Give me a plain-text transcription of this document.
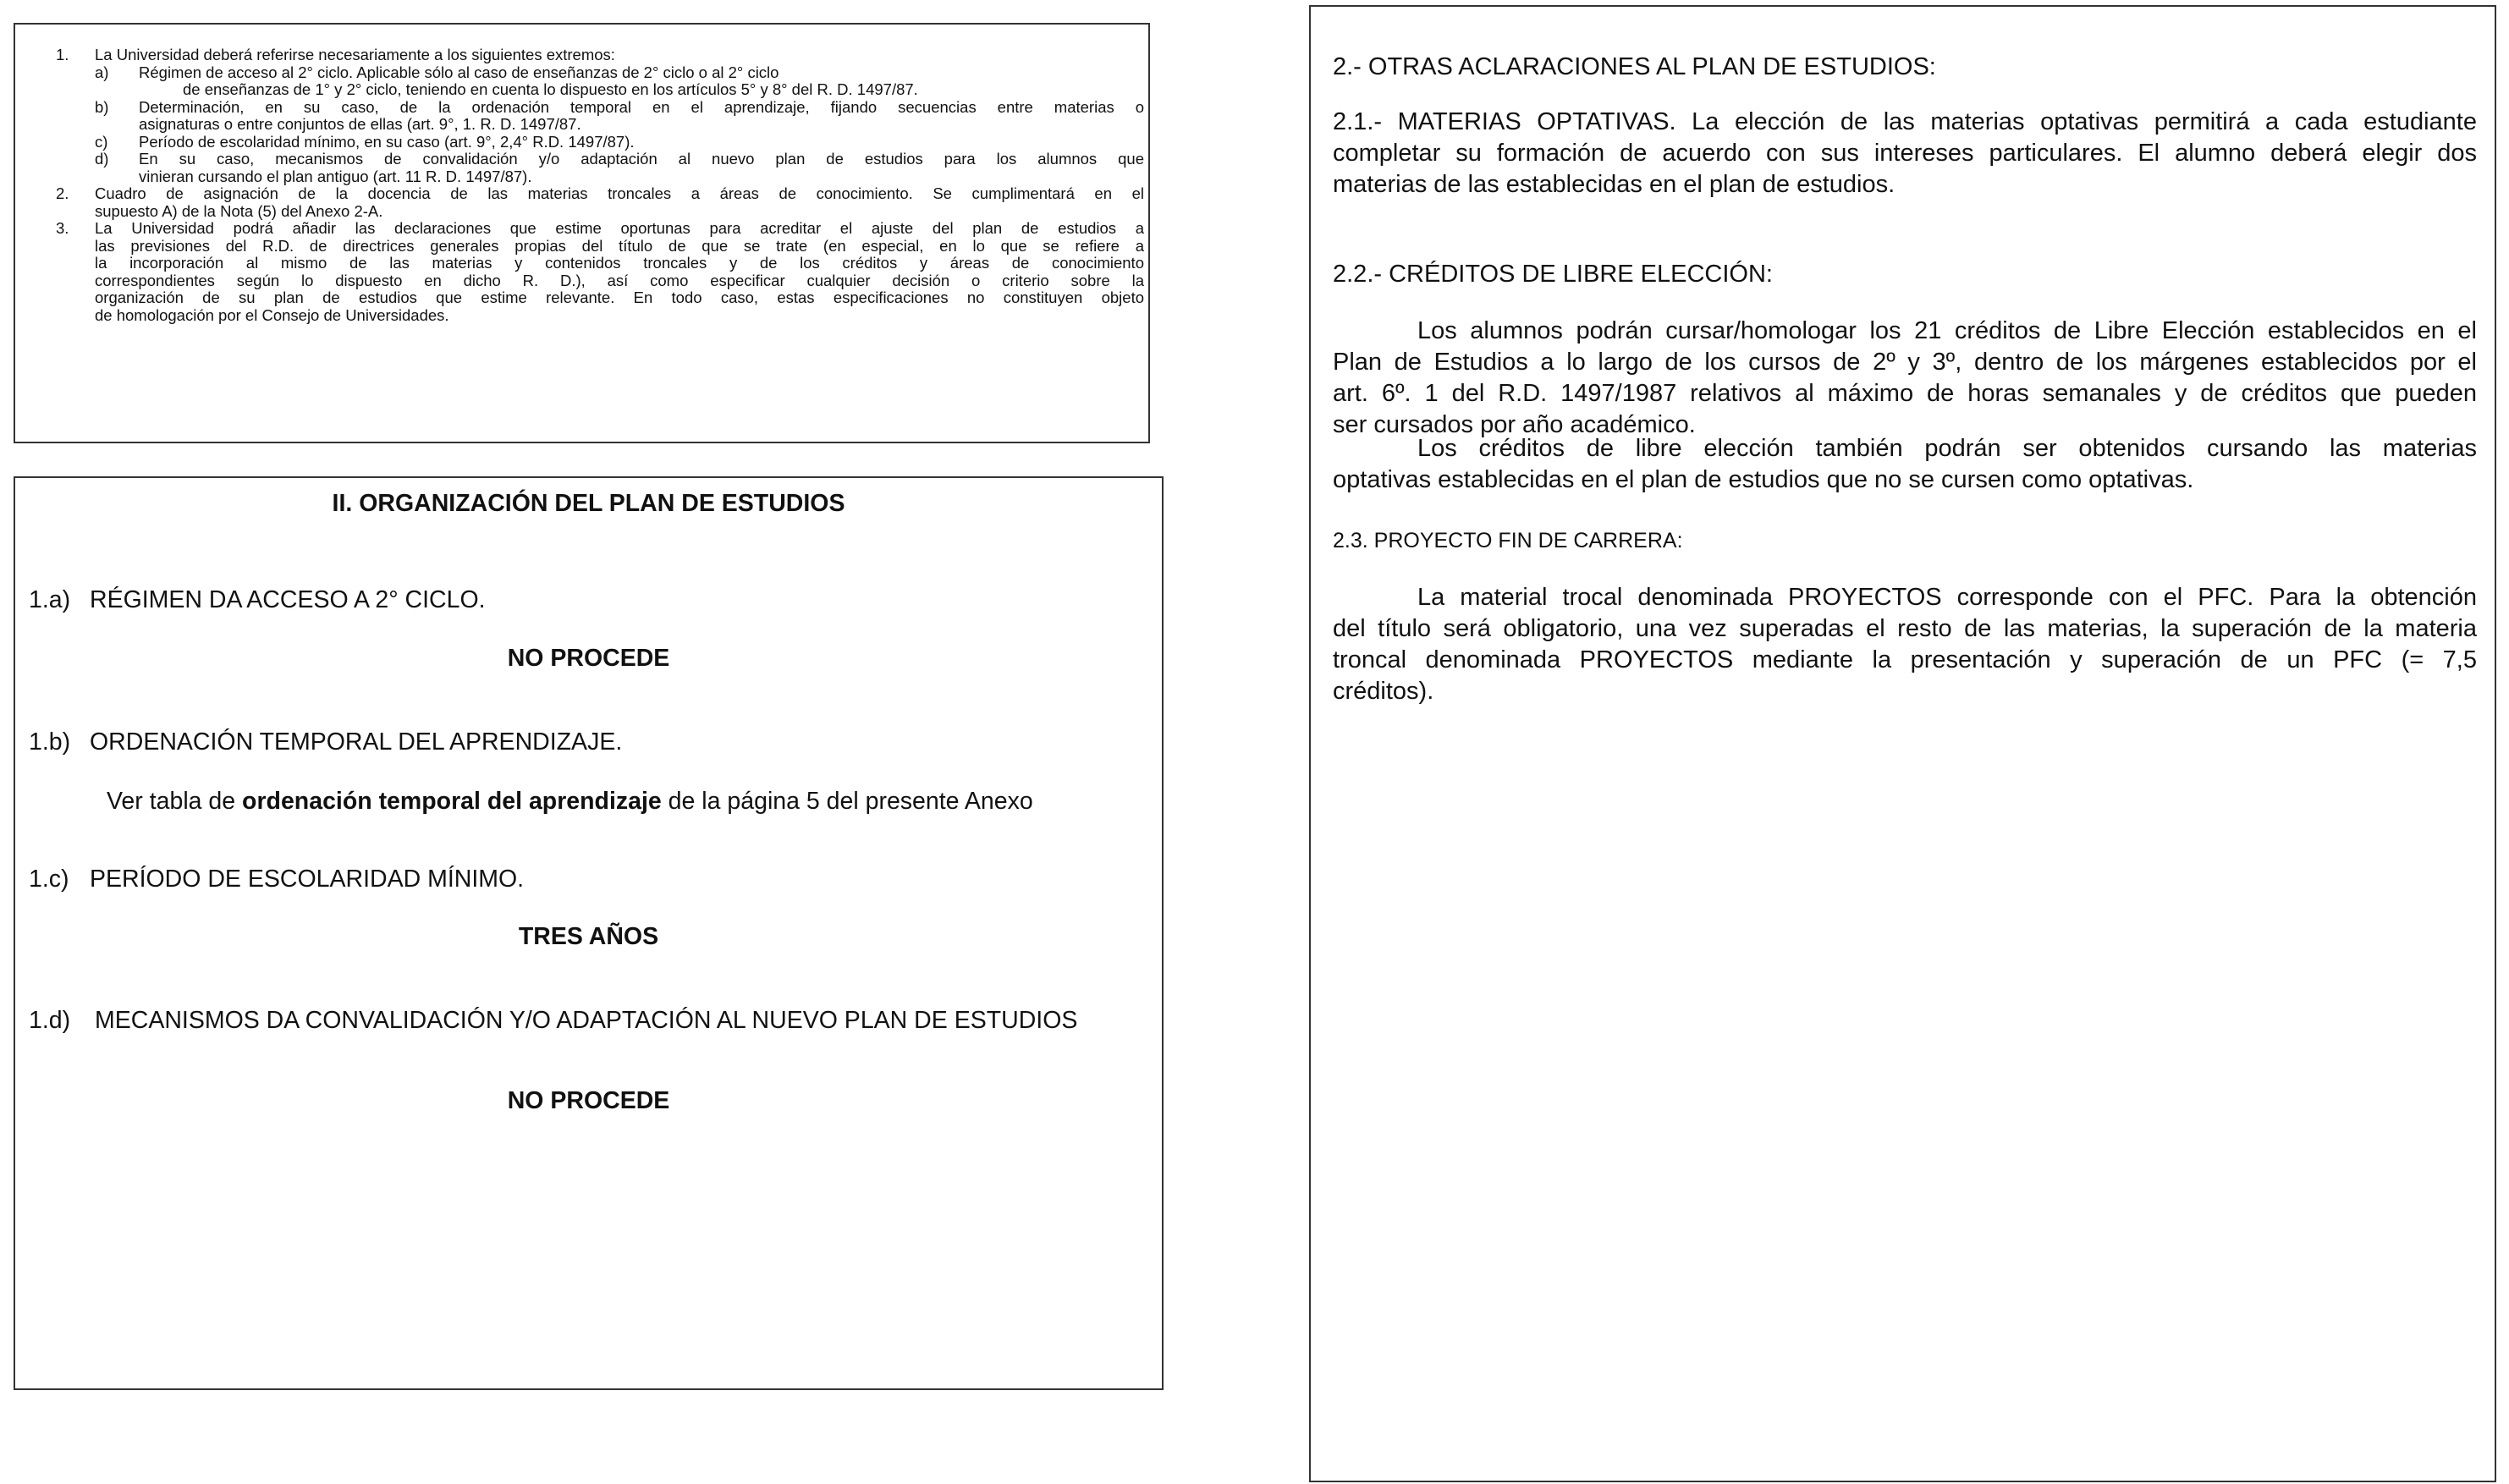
1. La Universidad deberá referirse necesariamente a los siguientes extremos:
a) Régimen de acceso al 2° ciclo. Aplicable sólo al caso de enseñanzas de 2° ciclo o al 2° ciclo
de enseñanzas de 1° y 2° ciclo, teniendo en cuenta lo dispuesto en los artículos 5° y 8° del R. D. 1497/87.
b) Determinación, en su caso, de la ordenación temporal en el aprendizaje, fijando secuencias entre materias o
asignaturas o entre conjuntos de ellas (art. 9°, 1. R. D. 1497/87.
c) Período de escolaridad mínimo, en su caso (art. 9°, 2,4° R.D. 1497/87).
d) En su caso, mecanismos de convalidación y/o adaptación al nuevo plan de estudios para los alumnos que
vinieran cursando el plan antiguo (art. 11 R. D. 1497/87).
2. Cuadro de asignación de la docencia de las materias troncales a áreas de conocimiento. Se cumplimentará en el
supuesto A) de la Nota (5) del Anexo 2-A.
3. La Universidad podrá añadir las declaraciones que estime oportunas para acreditar el ajuste del plan de estudios a
las previsiones del R.D. de directrices generales propias del título de que se trate (en especial, en lo que se refiere a
la incorporación al mismo de las materias y contenidos troncales y de los créditos y áreas de conocimiento
correspondientes según lo dispuesto en dicho R. D.), así como especificar cualquier decisión o criterio sobre la
organización de su plan de estudios que estime relevante. En todo caso, estas especificaciones no constituyen objeto
de homologación por el Consejo de Universidades.
II. ORGANIZACIÓN DEL PLAN DE ESTUDIOS
1.a) RÉGIMEN DA ACCESO A 2° CICLO.
NO PROCEDE
1.b) ORDENACIÓN TEMPORAL DEL APRENDIZAJE.
Ver tabla de ordenación temporal del aprendizaje de la página 5 del presente Anexo
1.c) PERÍODO DE ESCOLARIDAD MÍNIMO.
TRES AÑOS
1.d) MECANISMOS DA CONVALIDACIÓN Y/O ADAPTACIÓN AL NUEVO PLAN DE ESTUDIOS
NO PROCEDE
2.- OTRAS ACLARACIONES AL PLAN DE ESTUDIOS:
2.1.- MATERIAS OPTATIVAS. La elección de las materias optativas permitirá a cada estudiante
completar su formación de acuerdo con sus intereses particulares. El alumno deberá elegir dos
materias de las establecidas en el plan de estudios.
2.2.- CRÉDITOS DE LIBRE ELECCIÓN:
Los alumnos podrán cursar/homologar los 21 créditos de Libre Elección establecidos en el
Plan de Estudios a lo largo de los cursos de 2º y 3º, dentro de los márgenes establecidos por el
art. 6º. 1 del R.D. 1497/1987 relativos al máximo de horas semanales y de créditos que pueden
ser cursados por año académico.
Los créditos de libre elección también podrán ser obtenidos cursando las materias
optativas establecidas en el plan de estudios que no se cursen como optativas.
2.3. PROYECTO FIN DE CARRERA:
La material trocal denominada PROYECTOS corresponde con el PFC. Para la obtención
del título será obligatorio, una vez superadas el resto de las materias, la superación de la materia
troncal denominada PROYECTOS mediante la presentación y superación de un PFC (= 7,5
créditos).
